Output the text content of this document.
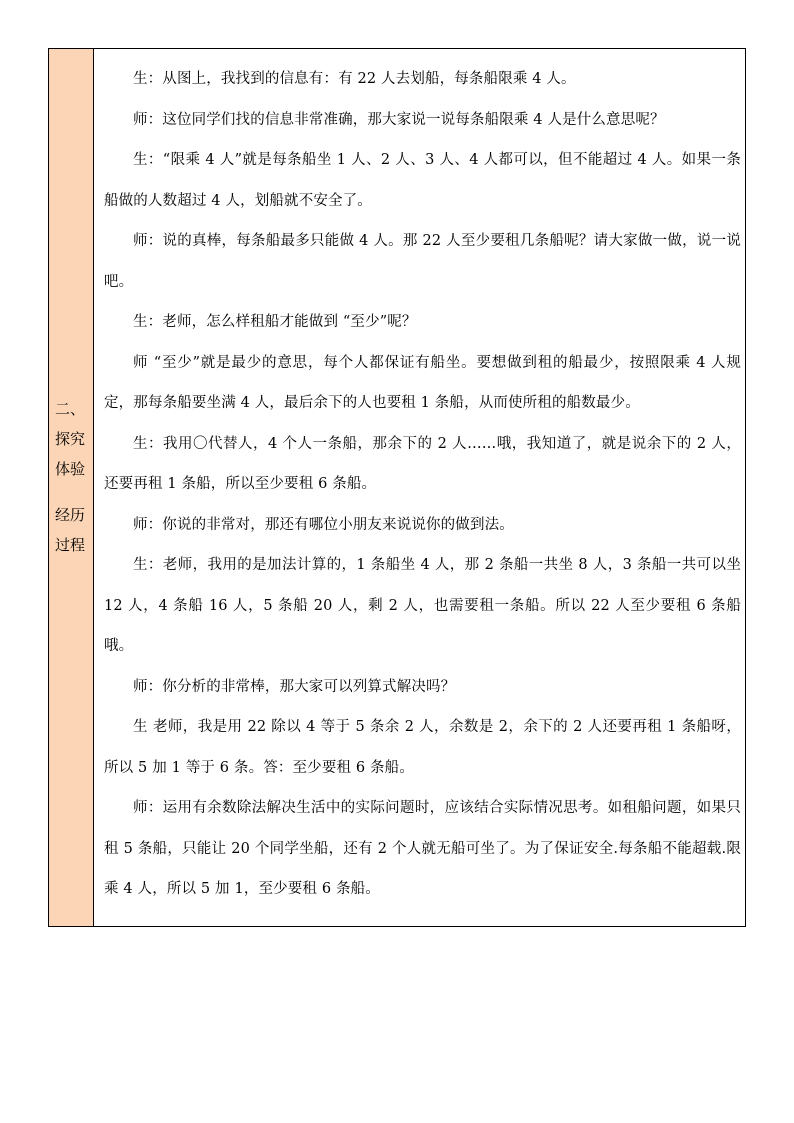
二、
探究
体验
经历
过程

生：从图上，我找到的信息有：有 22 人去划船，每条船限乘 4 人。

师：这位同学们找的信息非常准确，那大家说一说每条船限乘 4 人是什么意思呢？

生：“限乘 4 人”就是每条船坐 1 人、2 人、3 人、4 人都可以，但不能超过 4 人。如果一条船做的人数超过 4 人，划船就不安全了。

师：说的真棒，每条船最多只能做 4 人。那 22 人至少要租几条船呢？请大家做一做，说一说吧。

生：老师，怎么样租船才能做到 “至少”呢？

师 “至少”就是最少的意思，每个人都保证有船坐。要想做到租的船最少，按照限乘 4 人规定，那每条船要坐满 4 人，最后余下的人也要租 1 条船，从而使所租的船数最少。

生：我用〇代替人，4 个人一条船，那余下的 2 人……哦，我知道了，就是说余下的 2 人，还要再租 1 条船，所以至少要租 6 条船。

师：你说的非常对，那还有哪位小朋友来说说你的做到法。

生：老师，我用的是加法计算的，1 条船坐 4 人，那 2 条船一共坐 8 人，3 条船一共可以坐 12 人，4 条船 16 人，5 条船 20 人，剩 2 人，也需要租一条船。所以 22 人至少要租 6 条船哦。

师：你分析的非常棒，那大家可以列算式解决吗？

生 老师，我是用 22 除以 4 等于 5 条余 2 人，余数是 2，余下的 2 人还要再租 1 条船呀，所以 5 加 1 等于 6 条。答：至少要租 6 条船。

师：运用有余数除法解决生活中的实际问题时，应该结合实际情况思考。如租船问题，如果只租 5 条船，只能让 20 个同学坐船，还有 2 个人就无船可坐了。为了保证安全.每条船不能超载.限乘 4 人，所以 5 加 1，至少要租 6 条船。
